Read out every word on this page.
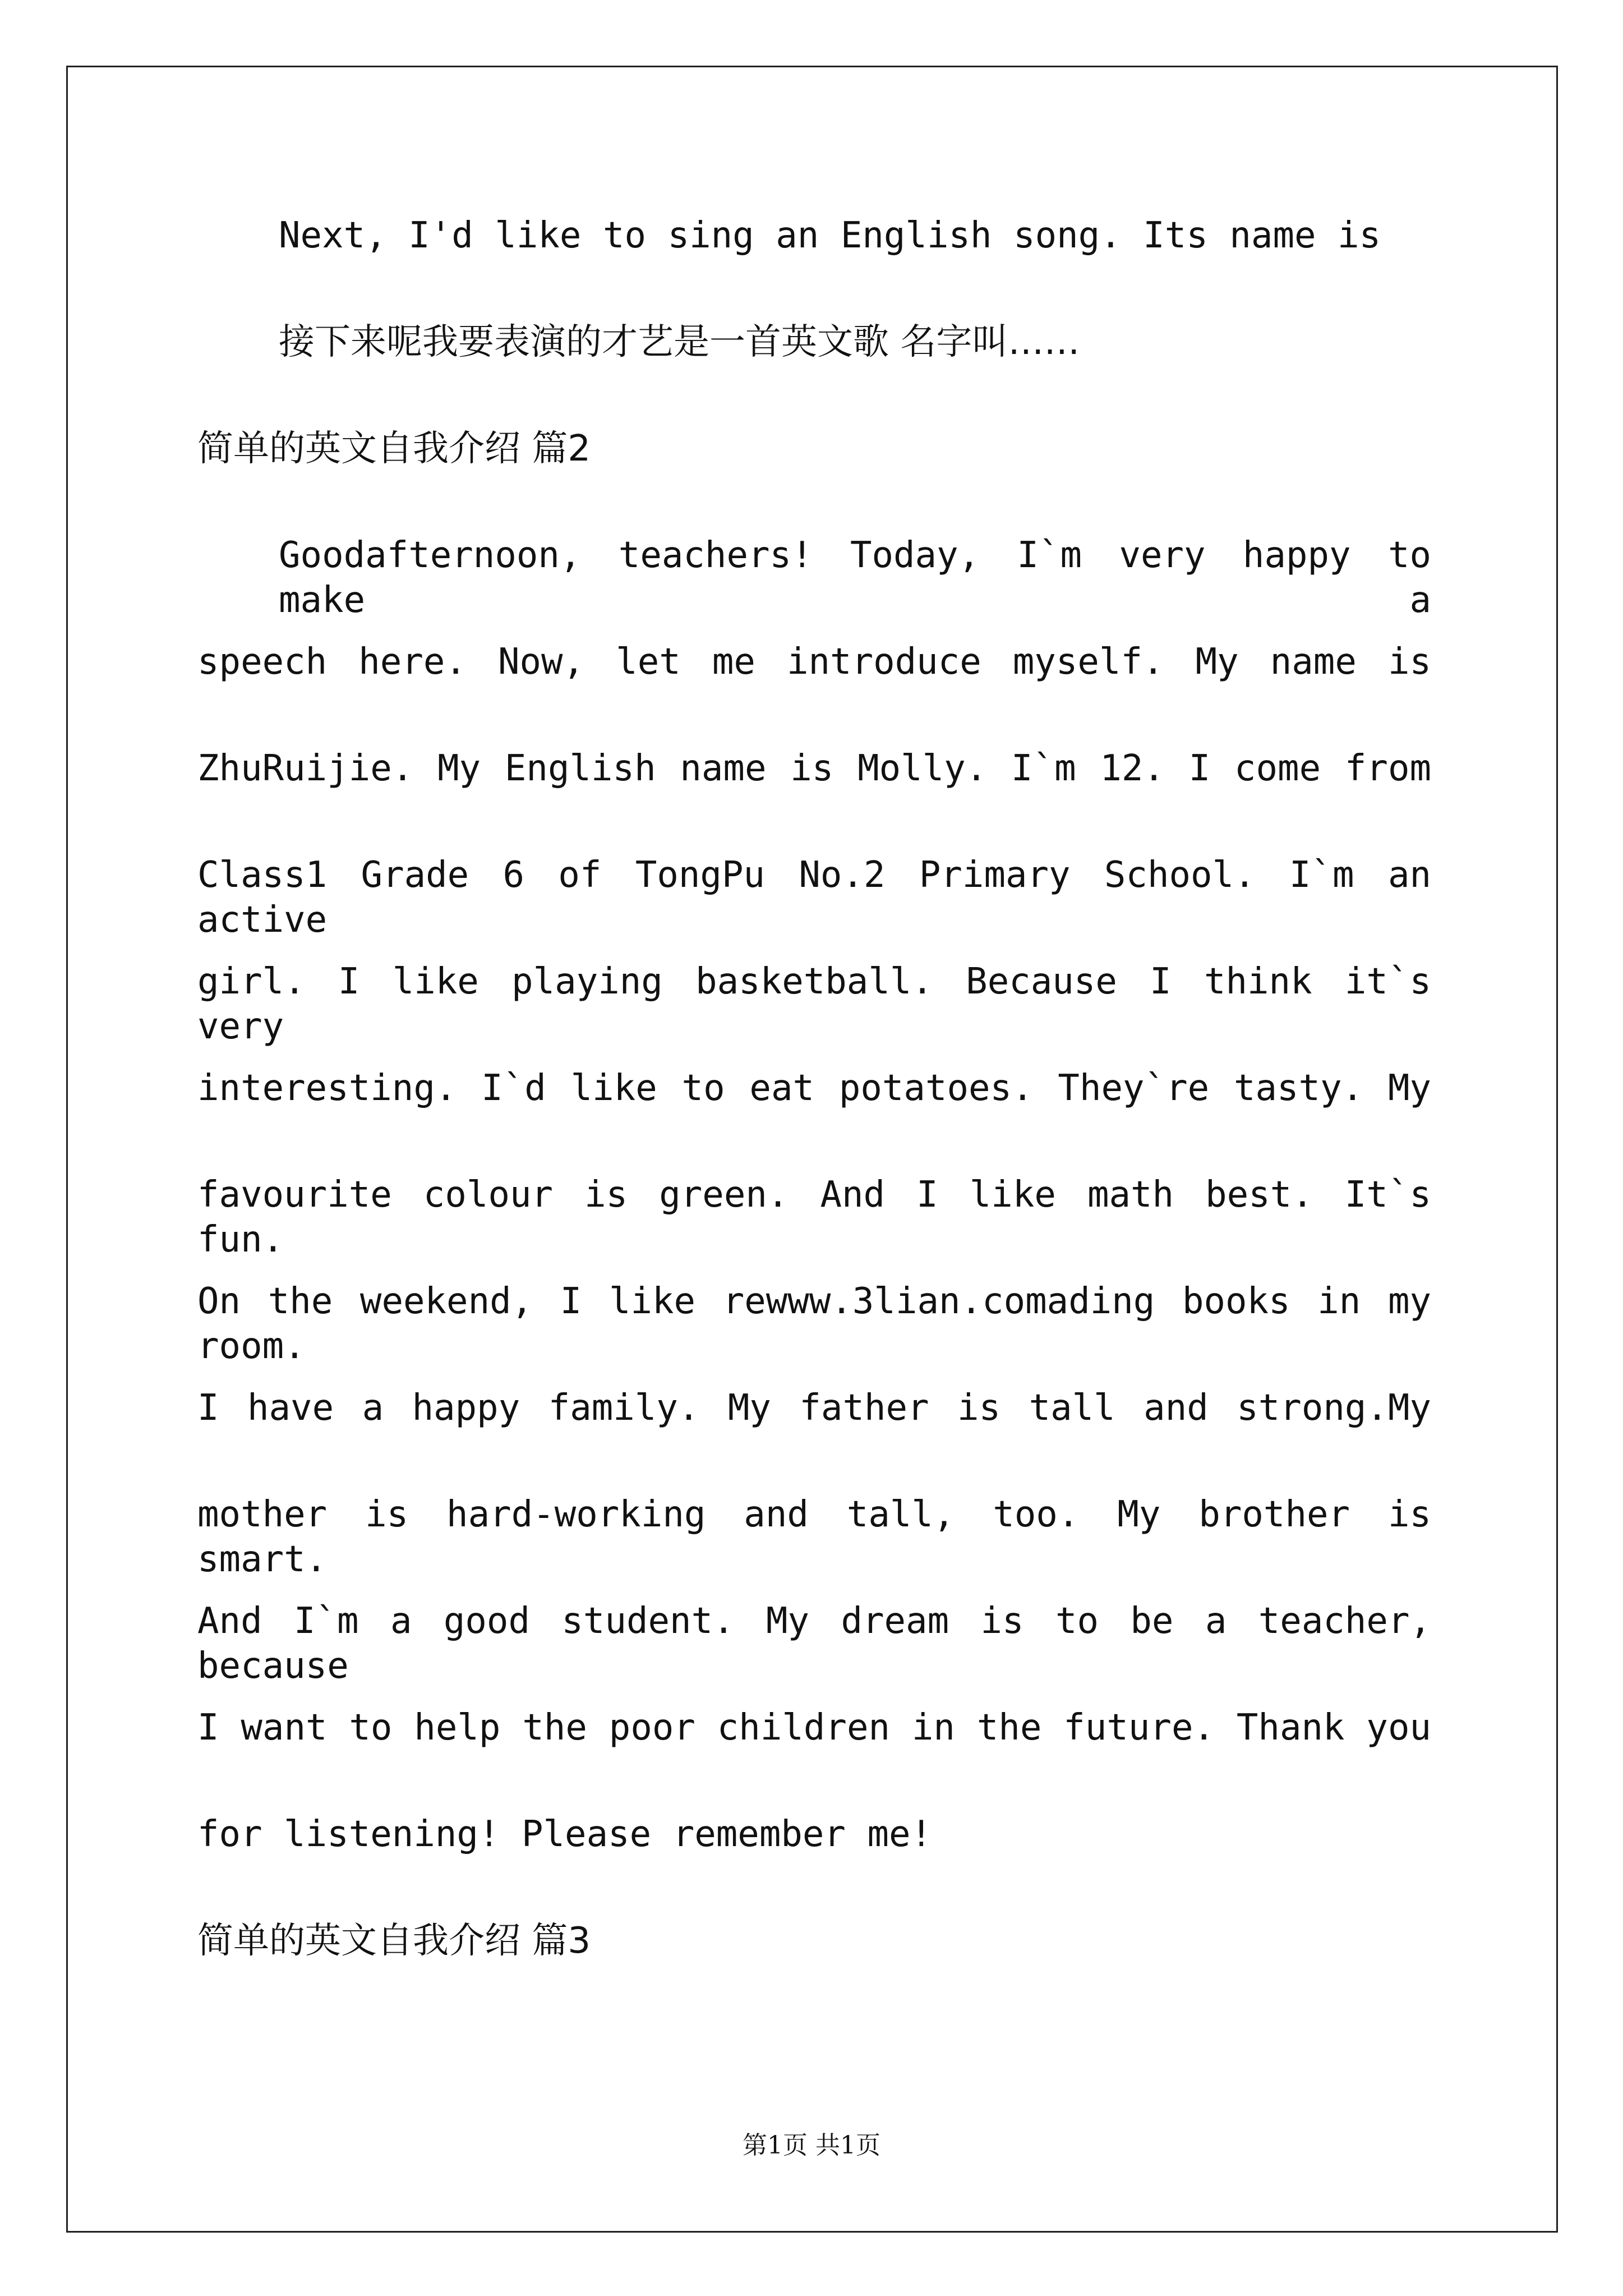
Next, I'd like to sing an English song. Its name is
接下来呢我要表演的才艺是一首英文歌 名字叫……
简单的英文自我介绍 篇2
Goodafternoon, teachers! Today, I`m very happy to make a
speech here. Now, let me introduce myself. My name is
ZhuRuijie. My English name is Molly. I`m 12. I come from
Class1 Grade 6 of TongPu No.2 Primary School. I`m an active
girl. I like playing basketball. Because I think it`s very
interesting. I`d like to eat potatoes. They`re tasty. My
favourite colour is green. And I like math best. It`s fun.
On the weekend, I like rewww.3lian.comading books in my room.
I have a happy family. My father is tall and strong.My
mother is hard-working and tall, too. My brother is smart.
And I`m a good student. My dream is to be a teacher, because
I want to help the poor children in the future. Thank you
for listening! Please remember me!
简单的英文自我介绍 篇3
第1页 共1页
